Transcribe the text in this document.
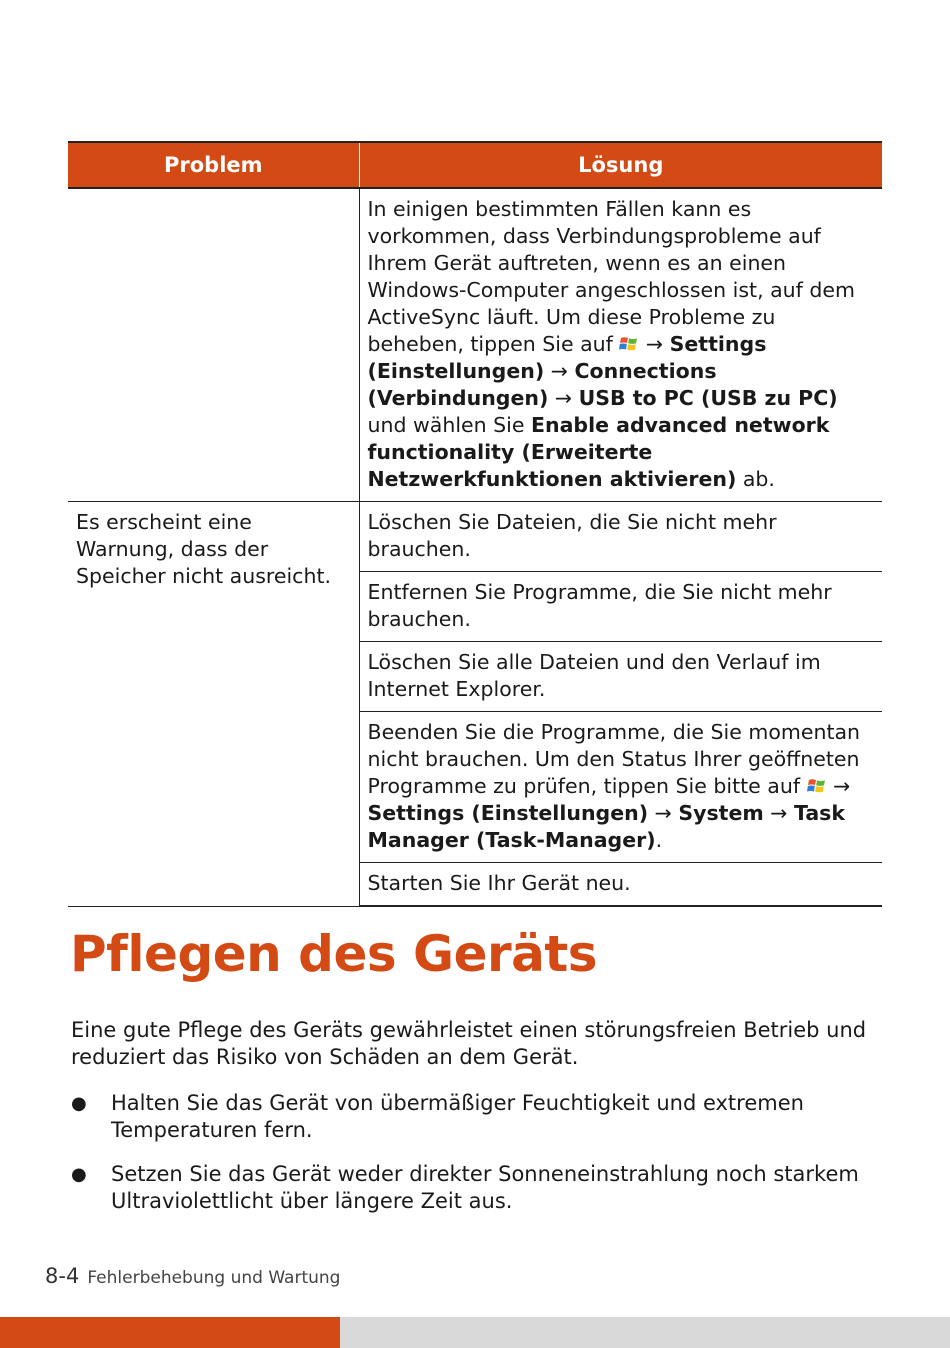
Problem	Lösung
	In einigen bestimmten Fällen kann es vorkommen, dass Verbindungsprobleme auf Ihrem Gerät auftreten, wenn es an einen Windows-Computer angeschlossen ist, auf dem ActiveSync läuft. Um diese Probleme zu beheben, tippen Sie auf  → Settings (Einstellungen) → Connections (Verbindungen) → USB to PC (USB zu PC) und wählen Sie Enable advanced network functionality (Erweiterte Netzwerkfunktionen aktivieren) ab.
Es erscheint eine Warnung, dass der Speicher nicht ausreicht.	Löschen Sie Dateien, die Sie nicht mehr brauchen.
	Entfernen Sie Programme, die Sie nicht mehr brauchen.
	Löschen Sie alle Dateien und den Verlauf im Internet Explorer.
	Beenden Sie die Programme, die Sie momentan nicht brauchen. Um den Status Ihrer geöffneten Programme zu prüfen, tippen Sie bitte auf  → Settings (Einstellungen) → System → Task Manager (Task-Manager).
	Starten Sie Ihr Gerät neu.
Pflegen des Geräts

Eine gute Pflege des Geräts gewährleistet einen störungsfreien Betrieb und reduziert das Risiko von Schäden an dem Gerät.

● Halten Sie das Gerät von übermäßiger Feuchtigkeit und extremen Temperaturen fern.
● Setzen Sie das Gerät weder direkter Sonneneinstrahlung noch starkem Ultraviolettlicht über längere Zeit aus.
8-4 Fehlerbehebung und Wartung
